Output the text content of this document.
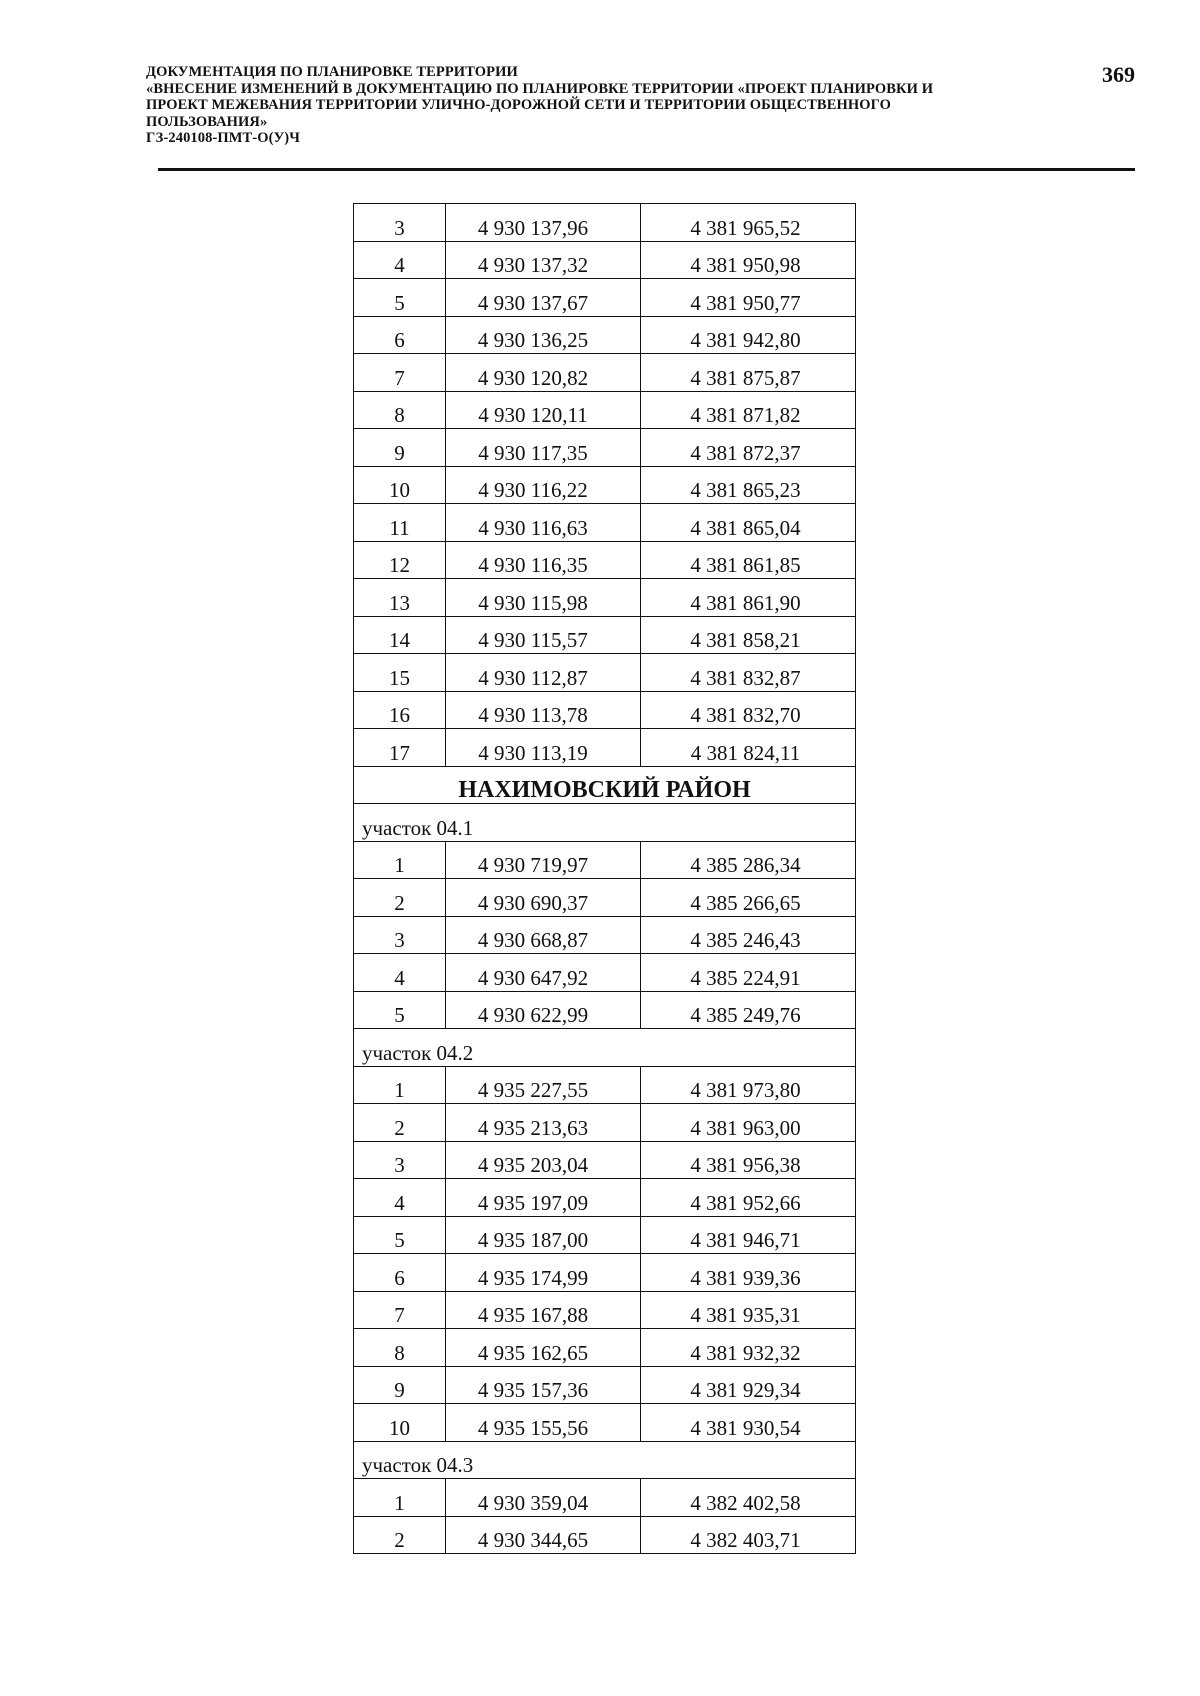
ДОКУМЕНТАЦИЯ ПО ПЛАНИРОВКЕ ТЕРРИТОРИИ
«ВНЕСЕНИЕ ИЗМЕНЕНИЙ В ДОКУМЕНТАЦИЮ ПО ПЛАНИРОВКЕ ТЕРРИТОРИИ «ПРОЕКТ ПЛАНИРОВКИ И
ПРОЕКТ МЕЖЕВАНИЯ ТЕРРИТОРИИ УЛИЧНО-ДОРОЖНОЙ СЕТИ И ТЕРРИТОРИИ ОБЩЕСТВЕННОГО
ПОЛЬЗОВАНИЯ»
ГЗ-240108-ПМТ-О(У)Ч
369
3	4 930 137,96	4 381 965,52
4	4 930 137,32	4 381 950,98
5	4 930 137,67	4 381 950,77
6	4 930 136,25	4 381 942,80
7	4 930 120,82	4 381 875,87
8	4 930 120,11	4 381 871,82
9	4 930 117,35	4 381 872,37
10	4 930 116,22	4 381 865,23
11	4 930 116,63	4 381 865,04
12	4 930 116,35	4 381 861,85
13	4 930 115,98	4 381 861,90
14	4 930 115,57	4 381 858,21
15	4 930 112,87	4 381 832,87
16	4 930 113,78	4 381 832,70
17	4 930 113,19	4 381 824,11
НАХИМОВСКИЙ РАЙОН		
участок 04.1		
1	4 930 719,97	4 385 286,34
2	4 930 690,37	4 385 266,65
3	4 930 668,87	4 385 246,43
4	4 930 647,92	4 385 224,91
5	4 930 622,99	4 385 249,76
участок 04.2		
1	4 935 227,55	4 381 973,80
2	4 935 213,63	4 381 963,00
3	4 935 203,04	4 381 956,38
4	4 935 197,09	4 381 952,66
5	4 935 187,00	4 381 946,71
6	4 935 174,99	4 381 939,36
7	4 935 167,88	4 381 935,31
8	4 935 162,65	4 381 932,32
9	4 935 157,36	4 381 929,34
10	4 935 155,56	4 381 930,54
участок 04.3		
1	4 930 359,04	4 382 402,58
2	4 930 344,65	4 382 403,71
